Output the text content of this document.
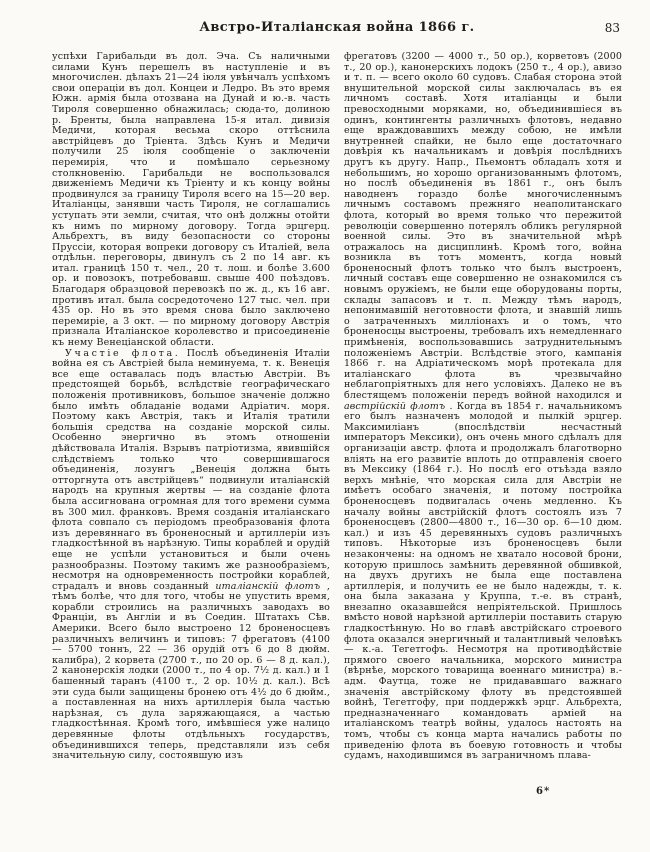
Австро-Италіанская война 1866 г.	83

успѣхи Гарибальди въ дол. Эча. Съ наличными силами Кунъ перешелъ въ наступленіе и въ многочислен. дѣлахъ 21—24 іюля увѣнчалъ успѣхомъ свои операціи въ дол. Концеи и Ледро. Въ это время Южн. армія была отозвана на Дунай и ю.-в. часть Тироля совершенно обнажилась; сюда-то, долиною р. Бренты, была направлена 15-я итал. дивизія Медичи, которая весьма скоро оттѣснила австрійцевъ до Тріента. Здѣсь Кунъ и Медичи получили 25 іюля сообщеніе о заключеніи перемирія, что и помѣшало серьезному столкновенію. Гарибальди не воспользовался движеніемъ Медичи къ Тріенту и къ концу войны продвинулся за границу Тироля всего на 15—20 вер. Италіанцы, занявши часть Тироля, не соглашались уступать эти земли, считая, что онѣ должны отойти къ нимъ по мирному договору. Тогда эрцгерц. Альбрехтъ, въ виду безопасности со стороны Пруссіи, которая вопреки договору съ Италіей, вела отдѣльн. переговоры, двинулъ съ 2 по 14 авг. къ итал. границѣ 150 т. чел., 20 т. лош. и болѣе 3.600 ор. и повозокъ, потребовавш. свыше 400 поѣздовъ. Благодаря образцовой перевозкѣ по ж. д., къ 16 авг. противъ итал. была сосредоточено 127 тыс. чел. при 435 ор. Но въ это время снова было заключено перемиріе, а 3 окт. — по мирному договору Австрія признала Италіанское королевство и присоединеніе къ нему Венеціанской области.

Участіе флота. Послѣ объединенія Италіи война ея съ Австріей была неминуема, т. к. Венеція все еще оставалась подъ властью Австріи. Въ предстоящей борьбѣ, вслѣдствіе географическаго положенія противниковъ, большое значеніе должно было имѣть обладаніе водами Адріатич. моря. Поэтому какъ Австрія, такъ и Италія тратили большія средства на созданіе морской силы. Особенно энергично въ этомъ отношеніи дѣйствовала Италія. Взрывъ патріотизма, явившійся слѣдствіемъ только что совершившагося объединенія, лозунгъ „Венеція должна быть отторгнута отъ австрійцевъ“ подвинули италіанскій народъ на крупныя жертвы — на созданіе флота была ассигнована огромная для того времени сумма въ 300 мил. франковъ. Время созданія италіанскаго флота совпало съ періодомъ преобразованія флота изъ деревяннаго въ броненосный и артиллеріи изъ гладкостѣнной въ нарѣзную. Типы кораблей и орудій еще не успѣли установиться и были очень разнообразны. Поэтому такимъ же разнообразіемъ, несмотря на одновременность постройки кораблей, страдалъ и вновь созданный италіанскій флотъ , тѣмъ болѣе, что для того, чтобы не упустить время, корабли строились на различныхъ заводахъ во Франціи, въ Англіи и въ Соедин. Штатахъ Сѣв. Америки. Всего было выстроено 12 броненосцевъ различныхъ величинъ и типовъ: 7 фрегатовъ (4100 — 5700 тоннъ, 22 — 36 орудій отъ 6 до 8 дюйм. калибра), 2 корвета (2700 т., по 20 ор. 6 — 8 д. кал.), 2 канонерскія лодки (2000 т., по 4 ор. 7½ д. кал.) и 1 башенный таранъ (4100 т., 2 ор. 10½ д. кал.). Всѣ эти суда были защищены бронею отъ 4½ до 6 дюйм., а поставленная на нихъ артиллерія была частью нарѣзная, съ дула заряжающаяся, а частью гладкостѣнная. Кромѣ того, имѣвшіеся уже налицо деревянные флоты отдѣльныхъ государствъ, объединившихся теперь, представляли изъ себя значительную силу, состоявшую изъ

фрегатовъ (3200 — 4000 т., 50 ор.), корветовъ (2000 т., 20 ор.), канонерскихъ лодокъ (250 т., 4 ор.), авизо и т. п. — всего около 60 судовъ. Слабая сторона этой внушительной морской силы заключалась въ ея личномъ составѣ. Хотя италіанцы и были превосходными моряками, но, объединившіеся въ одинъ, контингенты различныхъ флотовъ, недавно еще враждовавшихъ между собою, не имѣли внутренней спайки, не было еще достаточнаго довѣрія къ начальникамъ и довѣрія послѣднихъ другъ къ другу. Напр., Пьемонтъ обладалъ хотя и небольшимъ, но хорошо организованнымъ флотомъ, но послѣ объединенія въ 1861 г., онъ былъ наводненъ гораздо болѣе многочисленнымъ личнымъ составомъ прежняго неаполитанскаго флота, который во время только что пережитой революціи совершенно потерялъ обликъ регулярной военной силы. Это въ значительной мѣрѣ отражалось на дисциплинѣ. Кромѣ того, война возникла въ тотъ моментъ, когда новый броненосный флотъ только что былъ выстроенъ, личный составъ еще совершенно не ознакомился съ новымъ оружіемъ, не были еще оборудованы порты, склады запасовъ и т. п. Между тѣмъ народъ, непонимавшій неготовности флота, и знавшій лишь о затраченныхъ милліонахъ и о томъ, что броненосцы выстроены, требовалъ ихъ немедленнаго примѣненія, воспользовавшись затруднительнымъ положеніемъ Австріи. Вслѣдствіе этого, кампанія 1866 г. на Адріатическомъ морѣ протекала для италіанскаго флота въ чрезвычайно неблагопріятныхъ для него условіяхъ. Далеко не въ блестящемъ положеніи передъ войной находился и австрійскій флотъ . Когда въ 1854 г. начальникомъ его былъ назначенъ молодой и пылкій эрцгер. Максимиліанъ (впослѣдствіи несчастный императоръ Мексики), онъ очень много сдѣлалъ для организаціи австр. флота и продолжалъ благотворно вліять на его развитіе вплоть до отправленія своего въ Мексику (1864 г.). Но послѣ его отъѣзда взяло верхъ мнѣніе, что морская сила для Австріи не имѣетъ особаго значенія, и потому постройка броненосцевъ подвигалась очень медленно. Къ началу войны австрійскій флотъ состоялъ изъ 7 броненосцевъ (2800—4800 т., 16—30 ор. 6—10 дюм. кал.) и изъ 45 деревянныхъ судовъ различныхъ типовъ. Нѣкоторые изъ броненосцевъ были незакончены: на одномъ не хватало носовой брони, которую пришлось замѣнить деревянной обшивкой, на двухъ другихъ не была еще поставлена артиллерія, и получить ее не было надежды, т. к. она была заказана у Круппа, т.-е. въ странѣ, внезапно оказавшейся непріятельской. Пришлось вмѣсто новой нарѣзной артиллеріи поставить старую гладкостѣнную. Но во главѣ австрійскаго строевого флота оказался энергичный и талантливый человѣкъ — к.-а. Тегетгофъ. Несмотря на противодѣйствіе прямого своего начальника, морского министра (вѣрнѣе, морского товарища военнаго министра) в.-адм. Фаутца, тоже не придававшаго важнаго значенія австрійскому флоту въ предстоявшей войнѣ, Тегетгофу, при поддержкѣ эрцг. Альбрехта, предназначеннаго командовать арміей на италіанскомъ театрѣ войны, удалось настоять на томъ, чтобы съ конца марта начались работы по приведенію флота въ боевую готовность и чтобы судамъ, находившимся въ заграничномъ плава-

6*
